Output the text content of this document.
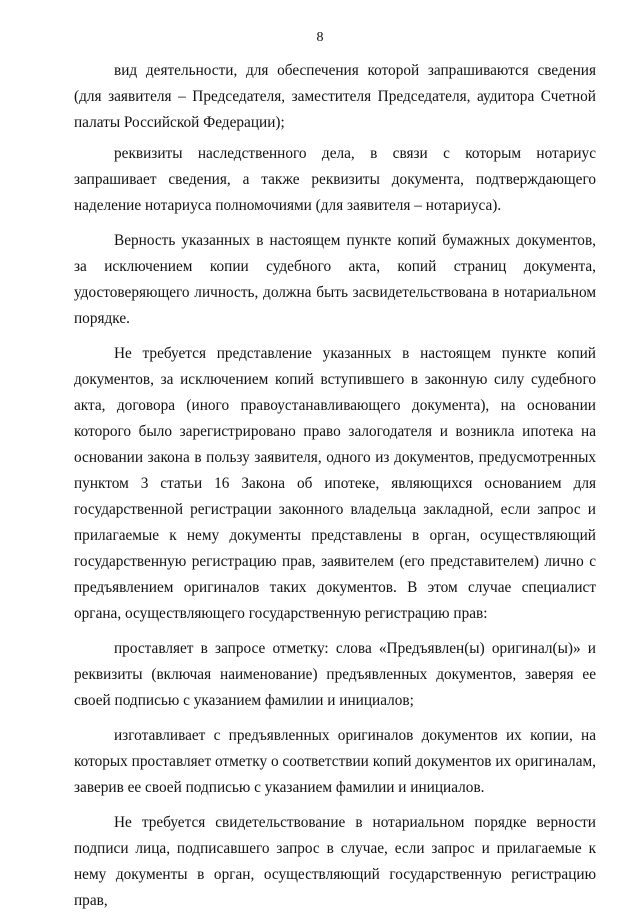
8

вид деятельности, для обеспечения которой запрашиваются сведения (для заявителя – Председателя, заместителя Председателя, аудитора Счетной палаты Российской Федерации);

реквизиты наследственного дела, в связи с которым нотариус запрашивает сведения, а также реквизиты документа, подтверждающего наделение нотариуса полномочиями (для заявителя – нотариуса).

Верность указанных в настоящем пункте копий бумажных документов, за исключением копии судебного акта, копий страниц документа, удостоверяющего личность, должна быть засвидетельствована в нотариальном порядке.

Не требуется представление указанных в настоящем пункте копий документов, за исключением копий вступившего в законную силу судебного акта, договора (иного правоустанавливающего документа), на основании которого было зарегистрировано право залогодателя и возникла ипотека на основании закона в пользу заявителя, одного из документов, предусмотренных пунктом 3 статьи 16 Закона об ипотеке, являющихся основанием для государственной регистрации законного владельца закладной, если запрос и прилагаемые к нему документы представлены в орган, осуществляющий государственную регистрацию прав, заявителем (его представителем) лично с предъявлением оригиналов таких документов. В этом случае специалист органа, осуществляющего государственную регистрацию прав:

проставляет в запросе отметку: слова «Предъявлен(ы) оригинал(ы)» и реквизиты (включая наименование) предъявленных документов, заверяя ее своей подписью с указанием фамилии и инициалов;

изготавливает с предъявленных оригиналов документов их копии, на которых проставляет отметку о соответствии копий документов их оригиналам, заверив ее своей подписью с указанием фамилии и инициалов.

Не требуется свидетельствование в нотариальном порядке верности подписи лица, подписавшего запрос в случае, если запрос и прилагаемые к нему документы в орган, осуществляющий государственную регистрацию прав,
